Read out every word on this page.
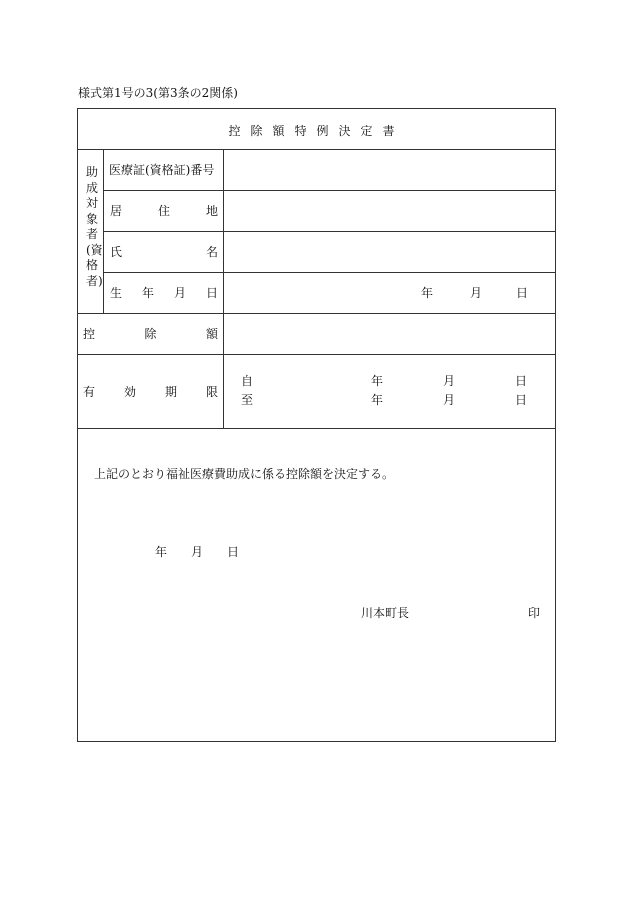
様式第1号の3(第3条の2関係)
控除額特例決定書
助成対象者(資格者)
医療証(資格証)番号
居	住	地
氏	名
生 年 月 日	年	月	日
控	除	額
有 効 期 限
自	年	月	日
至	年	月	日
上記のとおり福祉医療費助成に係る控除額を決定する。
年 月 日
川本町長	印
